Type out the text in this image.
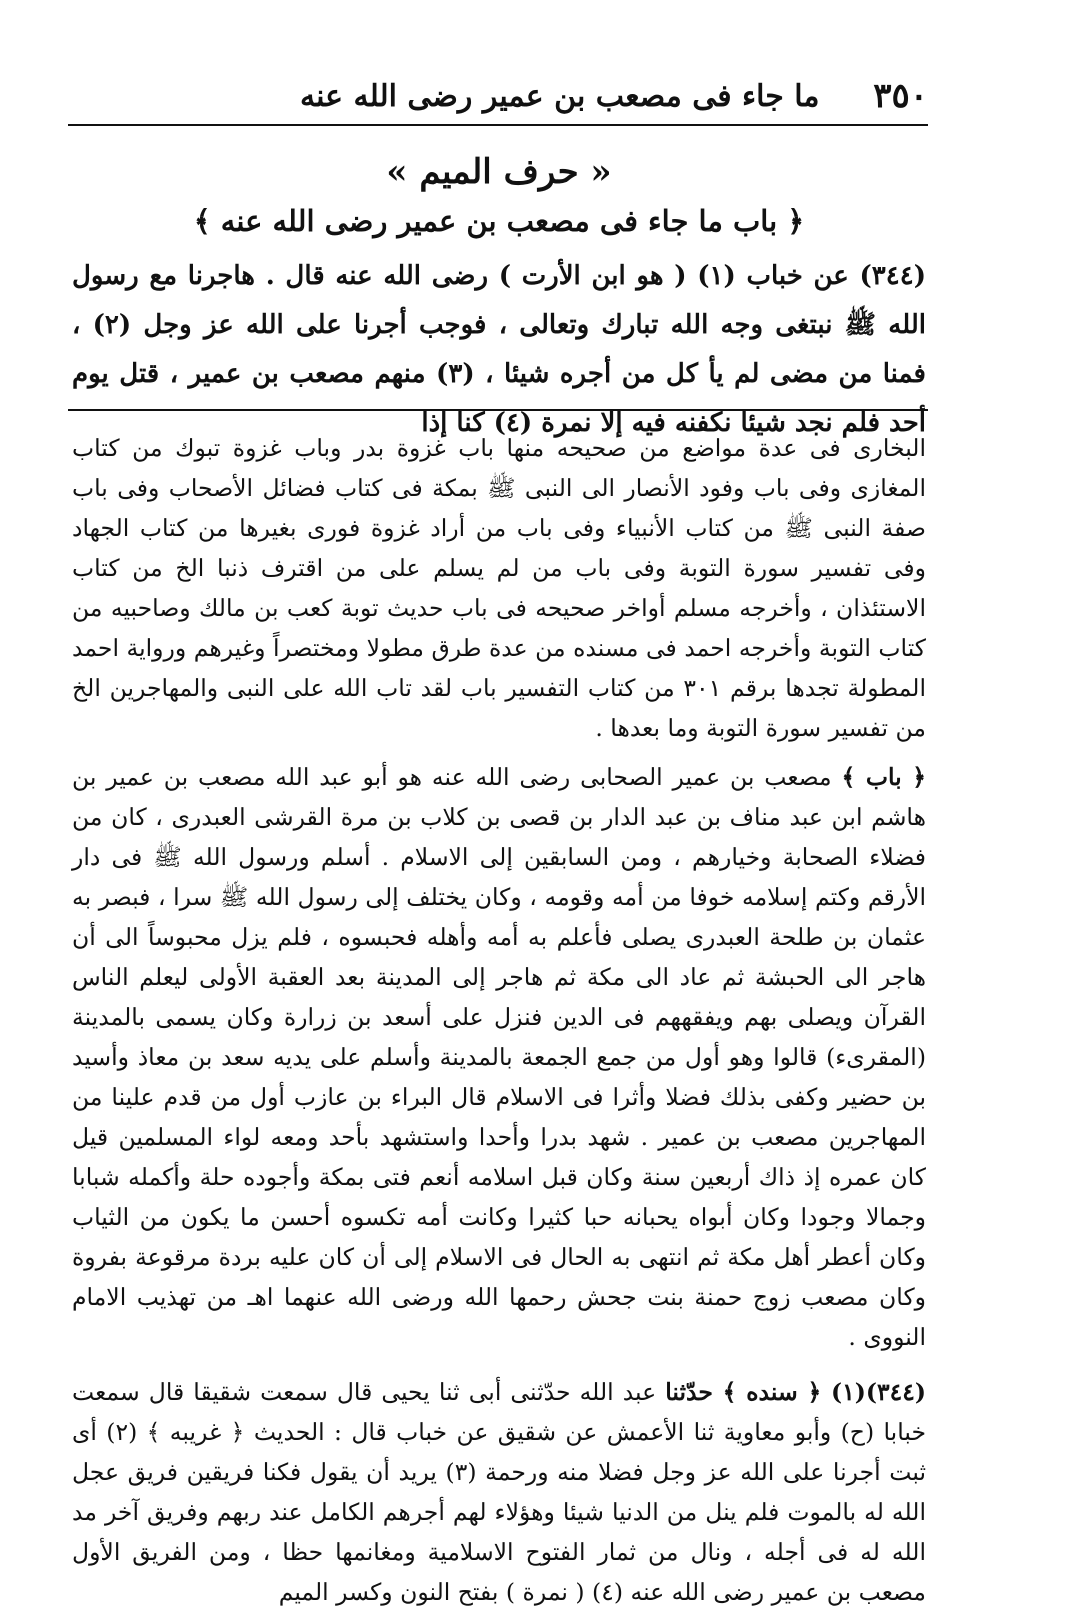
٣٥٠
ما جاء فى مصعب بن عمير رضى الله عنه
« حرف الميم »
﴿ باب ما جاء فى مصعب بن عمير رضى الله عنه ﴾
(٣٤٤) عن خباب (١) ( هو ابن الأرت ) رضى الله عنه قال . هاجرنا مع رسول الله ﷺ نبتغى وجه الله تبارك وتعالى ، فوجب أجرنا على الله عز وجل (٢) ، فمنا من مضى لم يأ كل من أجره شيئا ، (٣) منهم مصعب بن عمير ، قتل يوم أحد فلم نجد شيئا نكفنه فيه إلا نمرة (٤) كنا إذا

البخارى فى عدة مواضع من صحيحه منها باب غزوة بدر وباب غزوة تبوك من كتاب المغازى وفى باب وفود الأنصار الى النبى ﷺ بمكة فى كتاب فضائل الأصحاب وفى باب صفة النبى ﷺ من كتاب الأنبياء وفى باب من أراد غزوة فورى بغيرها من كتاب الجهاد وفى تفسير سورة التوبة وفى باب من لم يسلم على من اقترف ذنبا الخ من كتاب الاستئذان ، وأخرجه مسلم أواخر صحيحه فى باب حديث توبة كعب بن مالك وصاحبيه من كتاب التوبة وأخرجه احمد فى مسنده من عدة طرق مطولا ومختصراً وغيرهم ورواية احمد المطولة تجدها برقم ٣٠١ من كتاب التفسير باب لقد تاب الله على النبى والمهاجرين الخ من تفسير سورة التوبة وما بعدها .

﴿ باب ﴾ مصعب بن عمير الصحابى رضى الله عنه هو أبو عبد الله مصعب بن عمير بن هاشم ابن عبد مناف بن عبد الدار بن قصى بن كلاب بن مرة القرشى العبدرى ، كان من فضلاء الصحابة وخيارهم ، ومن السابقين إلى الاسلام . أسلم ورسول الله ﷺ فى دار الأرقم وكتم إسلامه خوفا من أمه وقومه ، وكان يختلف إلى رسول الله ﷺ سرا ، فبصر به عثمان بن طلحة العبدرى يصلى فأعلم به أمه وأهله فحبسوه ، فلم يزل محبوساً الى أن هاجر الى الحبشة ثم عاد الى مكة ثم هاجر إلى المدينة بعد العقبة الأولى ليعلم الناس القرآن ويصلى بهم ويفقههم فى الدين فنزل على أسعد بن زرارة وكان يسمى بالمدينة (المقرىء) قالوا وهو أول من جمع الجمعة بالمدينة وأسلم على يديه سعد بن معاذ وأسيد بن حضير وكفى بذلك فضلا وأثرا فى الاسلام قال البراء بن عازب أول من قدم علينا من المهاجرين مصعب بن عمير . شهد بدرا وأحدا واستشهد بأحد ومعه لواء المسلمين قيل كان عمره إذ ذاك أربعين سنة وكان قبل اسلامه أنعم فتى بمكة وأجوده حلة وأكمله شبابا وجمالا وجودا وكان أبواه يحبانه حبا كثيرا وكانت أمه تكسوه أحسن ما يكون من الثياب وكان أعطر أهل مكة ثم انتهى به الحال فى الاسلام إلى أن كان عليه بردة مرقوعة بفروة وكان مصعب زوج حمنة بنت جحش رحمها الله ورضى الله عنهما اهـ من تهذيب الامام النووى .

(٣٤٤)(١) ﴿ سنده ﴾ حدّثنا عبد الله حدّثنى أبى ثنا يحيى قال سمعت شقيقا قال سمعت خبابا (ح) وأبو معاوية ثنا الأعمش عن شقيق عن خباب قال : الحديث ﴿ غريبه ﴾ (٢) أى ثبت أجرنا على الله عز وجل فضلا منه ورحمة (٣) يريد أن يقول فكنا فريقين فريق عجل الله له بالموت فلم ينل من الدنيا شيئا وهؤلاء لهم أجرهم الكامل عند ربهم وفريق آخر مد الله له فى أجله ، ونال من ثمار الفتوح الاسلامية ومغانمها حظا ، ومن الفريق الأول مصعب بن عمير رضى الله عنه (٤) ( نمرة ) بفتح النون وكسر الميم
